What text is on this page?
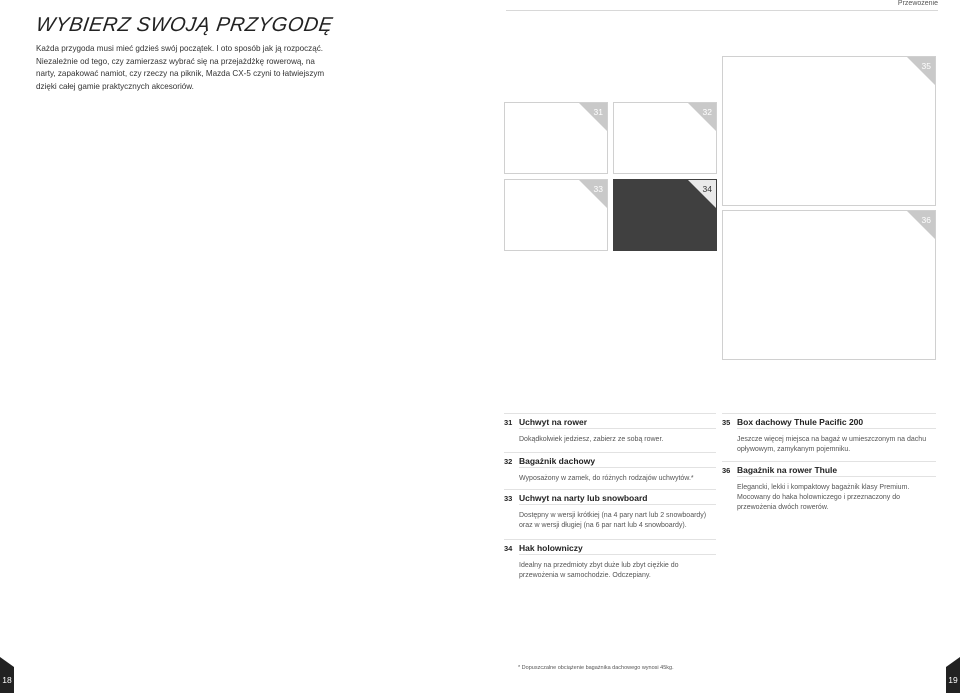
Przewożenie
WYBIERZ SWOJĄ PRZYGODĘ

Każda przygoda musi mieć gdzieś swój początek. I oto sposób jak ją rozpocząć.

Niezależnie od tego, czy zamierzasz wybrać się na przejażdżkę rowerową, na narty, zapakować namiot, czy rzeczy na piknik, Mazda CX-5 czyni to łatwiejszym dzięki całej gamie praktycznych akcesoriów.

31	32
33	34
35
36
31 Uchwyt na rower
Dokądkolwiek jedziesz, zabierz ze sobą rower.
32 Bagażnik dachowy
Wyposażony w zamek, do różnych rodzajów uchwytów.*
33 Uchwyt na narty lub snowboard
Dostępny w wersji krótkiej (na 4 pary nart lub 2 snowboardy) oraz w wersji długiej (na 6 par nart lub 4 snowboardy).
34 Hak holowniczy
Idealny na przedmioty zbyt duże lub zbyt ciężkie do przewożenia w samochodzie. Odczepiany.
35 Box dachowy Thule Pacific 200
Jeszcze więcej miejsca na bagaż w umieszczonym na dachu opływowym, zamykanym pojemniku.
36 Bagażnik na rower Thule
Elegancki, lekki i kompaktowy bagażnik klasy Premium. Mocowany do haka holowniczego i przeznaczony do przewożenia dwóch rowerów.
* Dopuszczalne obciążenie bagażnika dachowego wynosi 45kg.
18	19
